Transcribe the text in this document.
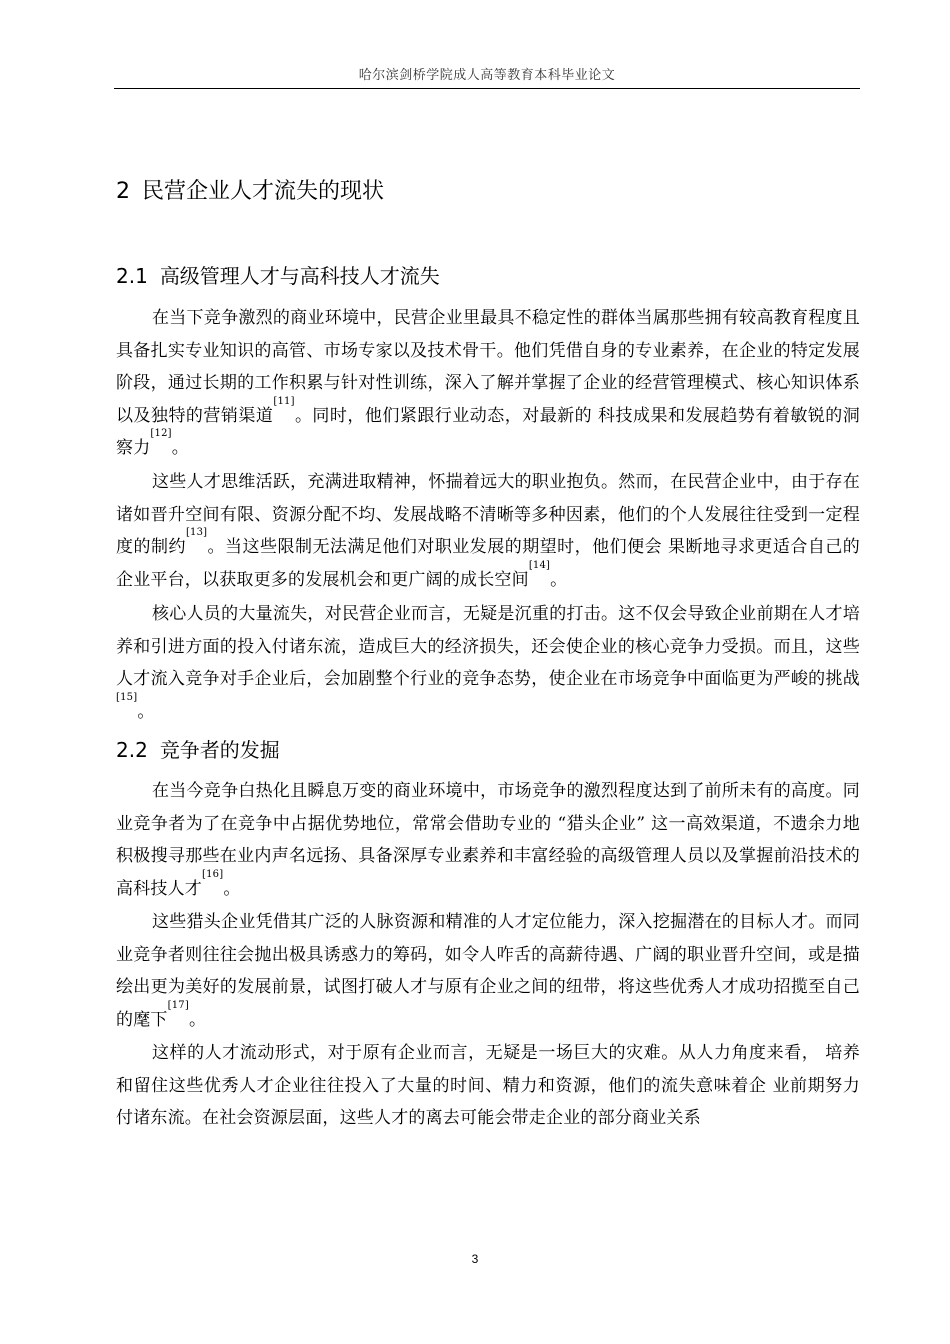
哈尔滨剑桥学院成人高等教育本科毕业论文
2 民营企业人才流失的现状
2.1 高级管理人才与高科技人才流失

在当下竞争激烈的商业环境中，民营企业里最具不稳定性的群体当属那些拥有较高教育程度且具备扎实专业知识的高管、市场专家以及技术骨干。他们凭借自身的专业素养，在企业的特定发展阶段，通过长期的工作积累与针对性训练，深入了解并掌握了企业的经营管理模式、核心知识体系以及独特的营销渠道[11]。同时，他们紧跟行业动态，对最新的 科技成果和发展趋势有着敏锐的洞察力[12]。

这些人才思维活跃，充满进取精神，怀揣着远大的职业抱负。然而，在民营企业中，由于存在诸如晋升空间有限、资源分配不均、发展战略不清晰等多种因素，他们的个人发展往往受到一定程度的制约[13]。当这些限制无法满足他们对职业发展的期望时，他们便会 果断地寻求更适合自己的企业平台，以获取更多的发展机会和更广阔的成长空间[14]。

核心人员的大量流失，对民营企业而言，无疑是沉重的打击。这不仅会导致企业前期在人才培养和引进方面的投入付诸东流，造成巨大的经济损失，还会使企业的核心竞争力受损。而且，这些人才流入竞争对手企业后，会加剧整个行业的竞争态势，使企业在市场竞争中面临更为严峻的挑战[15]。

2.2 竞争者的发掘

在当今竞争白热化且瞬息万变的商业环境中，市场竞争的激烈程度达到了前所未有的高度。同业竞争者为了在竞争中占据优势地位，常常会借助专业的 “猎头企业” 这一高效渠道，不遗余力地积极搜寻那些在业内声名远扬、具备深厚专业素养和丰富经验的高级管理人员以及掌握前沿技术的高科技人才[16]。

这些猎头企业凭借其广泛的人脉资源和精准的人才定位能力，深入挖掘潜在的目标人才。而同业竞争者则往往会抛出极具诱惑力的筹码，如令人咋舌的高薪待遇、广阔的职业晋升空间，或是描绘出更为美好的发展前景，试图打破人才与原有企业之间的纽带，将这些优秀人才成功招揽至自己的麾下[17]。

这样的人才流动形式，对于原有企业而言，无疑是一场巨大的灾难。从人力角度来看， 培养和留住这些优秀人才企业往往投入了大量的时间、精力和资源，他们的流失意味着企 业前期努力付诸东流。在社会资源层面，这些人才的离去可能会带走企业的部分商业关系

3
